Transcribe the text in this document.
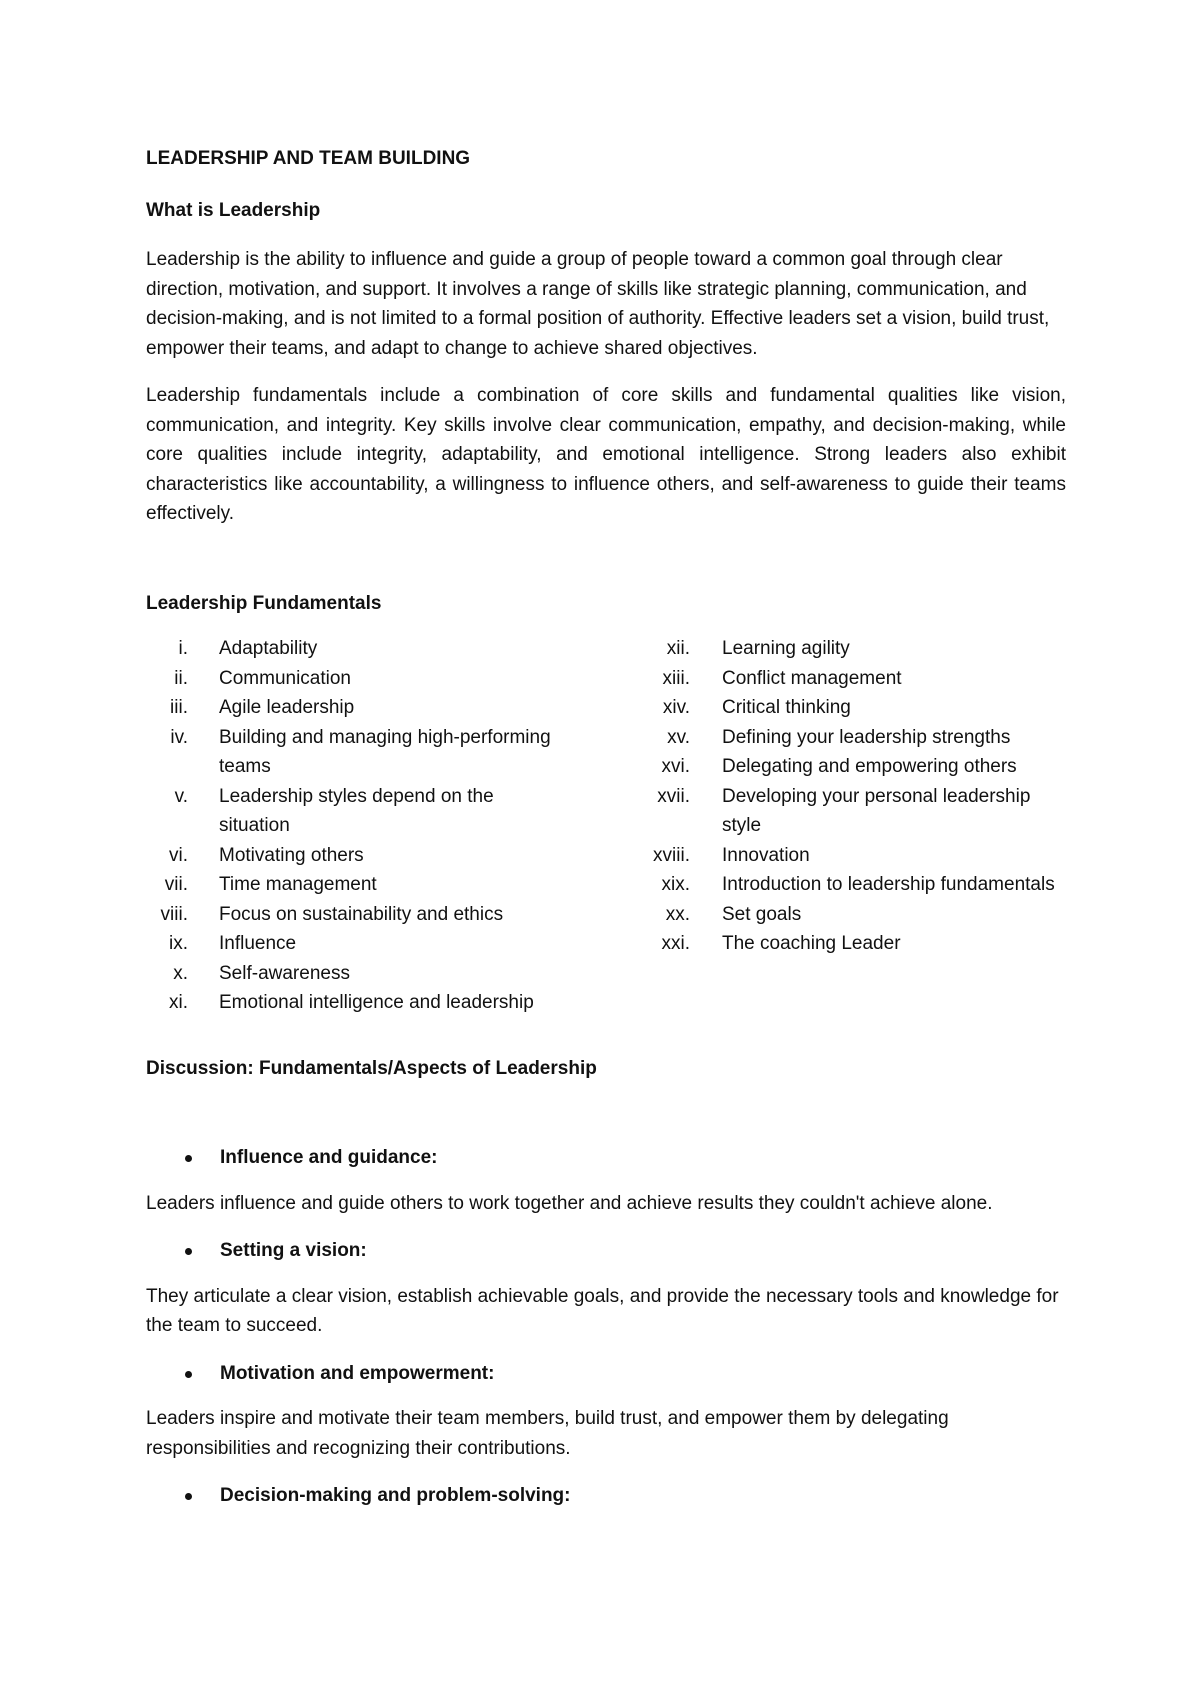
LEADERSHIP AND TEAM BUILDING

What is Leadership

Leadership is the ability to influence and guide a group of people toward a common goal through clear direction, motivation, and support. It involves a range of skills like strategic planning, communication, and decision-making, and is not limited to a formal position of authority. Effective leaders set a vision, build trust, empower their teams, and adapt to change to achieve shared objectives.

Leadership fundamentals include a combination of core skills and fundamental qualities like vision, communication, and integrity. Key skills involve clear communication, empathy, and decision-making, while core qualities include integrity, adaptability, and emotional intelligence. Strong leaders also exhibit characteristics like accountability, a willingness to influence others, and self-awareness to guide their teams effectively.

Leadership Fundamentals

i. Adaptability
ii. Communication
iii. Agile leadership
iv. Building and managing high-performing teams
v. Leadership styles depend on the situation
vi. Motivating others
vii. Time management
viii. Focus on sustainability and ethics
ix. Influence
x. Self-awareness
xi. Emotional intelligence and leadership
xii. Learning agility
xiii. Conflict management
xiv. Critical thinking
xv. Defining your leadership strengths
xvi. Delegating and empowering others
xvii. Developing your personal leadership style
xviii. Innovation
xix. Introduction to leadership fundamentals
xx. Set goals
xxi. The coaching Leader

Discussion: Fundamentals/Aspects of Leadership

Influence and guidance:

Leaders influence and guide others to work together and achieve results they couldn't achieve alone.

Setting a vision:

They articulate a clear vision, establish achievable goals, and provide the necessary tools and knowledge for the team to succeed.

Motivation and empowerment:

Leaders inspire and motivate their team members, build trust, and empower them by delegating responsibilities and recognizing their contributions.

Decision-making and problem-solving:
